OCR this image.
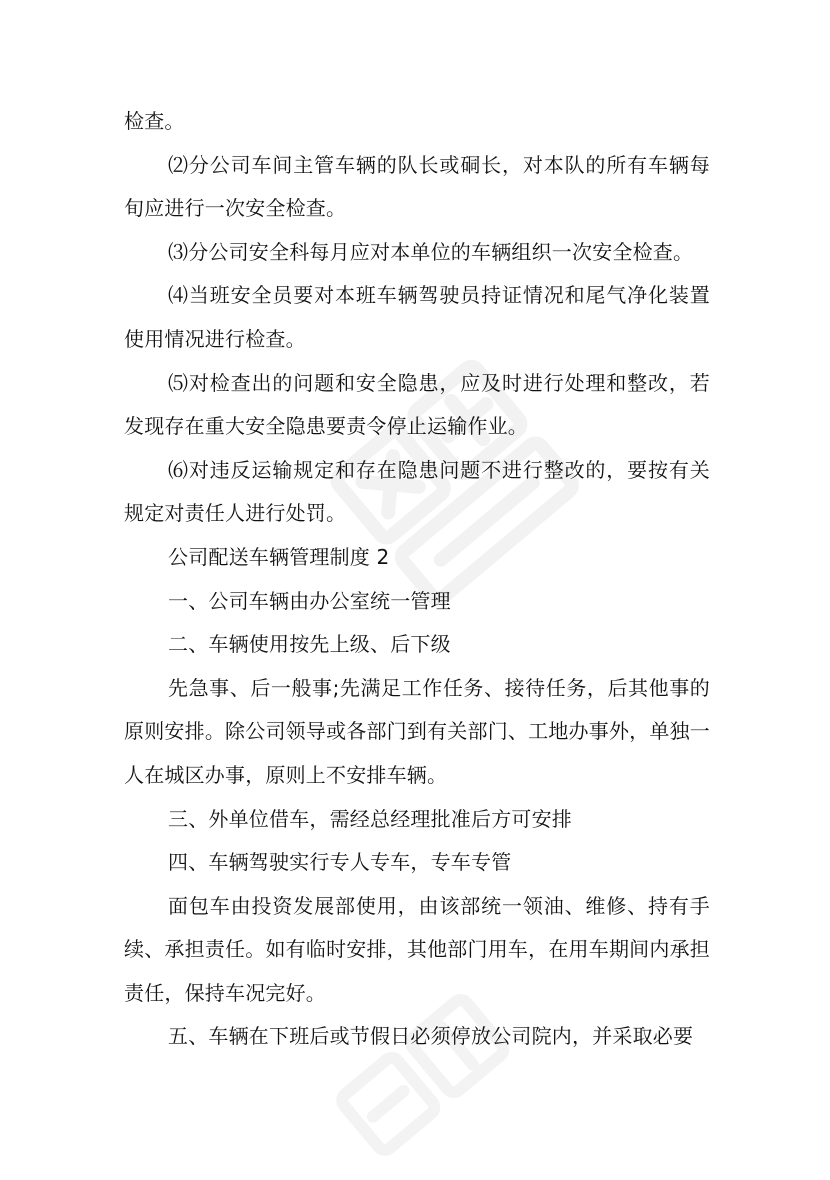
检查。

⑵分公司车间主管车辆的队长或硐长，对本队的所有车辆每旬应进行一次安全检查。

⑶分公司安全科每月应对本单位的车辆组织一次安全检查。

⑷当班安全员要对本班车辆驾驶员持证情况和尾气净化装置使用情况进行检查。

⑸对检查出的问题和安全隐患，应及时进行处理和整改，若发现存在重大安全隐患要责令停止运输作业。

⑹对违反运输规定和存在隐患问题不进行整改的，要按有关规定对责任人进行处罚。

公司配送车辆管理制度 2

一、公司车辆由办公室统一管理

二、车辆使用按先上级、后下级

先急事、后一般事;先满足工作任务、接待任务，后其他事的原则安排。除公司领导或各部门到有关部门、工地办事外，单独一人在城区办事，原则上不安排车辆。

三、外单位借车，需经总经理批准后方可安排

四、车辆驾驶实行专人专车，专车专管

面包车由投资发展部使用，由该部统一领油、维修、持有手续、承担责任。如有临时安排，其他部门用车，在用车期间内承担责任，保持车况完好。

五、车辆在下班后或节假日必须停放公司院内，并采取必要
